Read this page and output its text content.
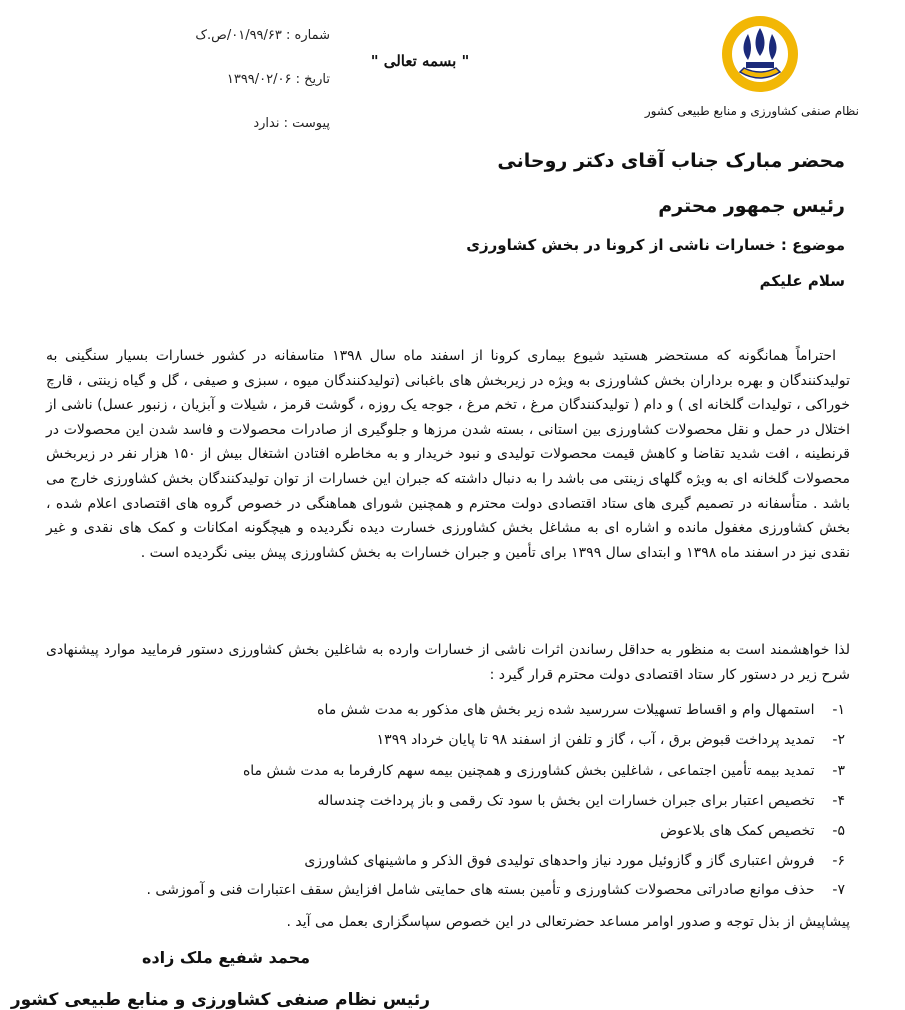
شماره : ۰۱/۹۹/۶۳/ص.ک
تاریخ : ۱۳۹۹/۰۲/۰۶
پیوست : ندارد
" بسمه تعالی "
نظام صنفی کشاورزی و منابع طبیعی کشور
محضر مبارک جناب آقای دکتر روحانی
رئیس جمهور محترم
موضوع : خسارات ناشی از کرونا در بخش کشاورزی
سلام علیکم
احتراماً همانگونه که مستحضر هستید شیوع بیماری کرونا از اسفند ماه سال ۱۳۹۸ متاسفانه در کشور خسارات بسیار سنگینی به تولیدکنندگان و بهره برداران بخش کشاورزی به ویژه در زیربخش های باغبانی (تولیدکنندگان میوه ، سبزی و صیفی ، گل و گیاه زینتی ، قارچ خوراکی ، تولیدات گلخانه ای ) و دام ( تولیدکنندگان مرغ ، تخم مرغ ، جوجه یک روزه ، گوشت قرمز ، شیلات و آبزیان ، زنبور عسل) ناشی از اختلال در حمل و نقل محصولات کشاورزی بین استانی ، بسته شدن مرزها و جلوگیری از صادرات محصولات و فاسد شدن این محصولات در قرنطینه ، افت شدید تقاضا و کاهش قیمت محصولات تولیدی و نبود خریدار و به مخاطره افتادن اشتغال بیش از ۱۵۰ هزار نفر در زیربخش محصولات گلخانه ای به ویژه گلهای زینتی می باشد را به دنبال داشته که جبران این خسارات از توان تولیدکنندگان بخش کشاورزی خارج می باشد . متأسفانه در تصمیم گیری های ستاد اقتصادی دولت محترم و همچنین شورای هماهنگی در خصوص گروه های اقتصادی اعلام شده ، بخش کشاورزی مغفول مانده و اشاره ای به مشاغل بخش کشاورزی خسارت دیده نگردیده و هیچگونه امکانات و کمک های نقدی و غیر نقدی نیز در اسفند ماه ۱۳۹۸ و ابتدای سال ۱۳۹۹ برای تأمین و جبران خسارات به بخش کشاورزی پیش بینی نگردیده است .
لذا خواهشمند است به منظور به حداقل رساندن اثرات ناشی از خسارات وارده به شاغلین بخش کشاورزی دستور فرمایید موارد پیشنهادی شرح زیر در دستور کار ستاد اقتصادی دولت محترم قرار گیرد :
۱- استمهال وام و اقساط تسهیلات سررسید شده زیر بخش های مذکور به مدت شش ماه
۲- تمدید پرداخت قبوض برق ، آب ، گاز و تلفن از اسفند ۹۸ تا پایان خرداد ۱۳۹۹
۳- تمدید بیمه تأمین اجتماعی ، شاغلین بخش کشاورزی و همچنین بیمه سهم کارفرما به مدت شش ماه
۴- تخصیص اعتبار برای جبران خسارات این بخش با سود تک رقمی و باز پرداخت چندساله
۵- تخصیص کمک های بلاعوض
۶- فروش اعتباری گاز و گازوئیل مورد نیاز واحدهای تولیدی فوق الذکر و ماشینهای کشاورزی
۷- حذف موانع صادراتی محصولات کشاورزی و تأمین بسته های حمایتی شامل افزایش سقف اعتبارات فنی و آموزشی .
پیشاپیش از بذل توجه و صدور اوامر مساعد حضرتعالی در این خصوص سپاسگزاری بعمل می آید .
محمد شفیع ملک زاده
رئیس نظام صنفی کشاورزی و منابع طبیعی کشور
